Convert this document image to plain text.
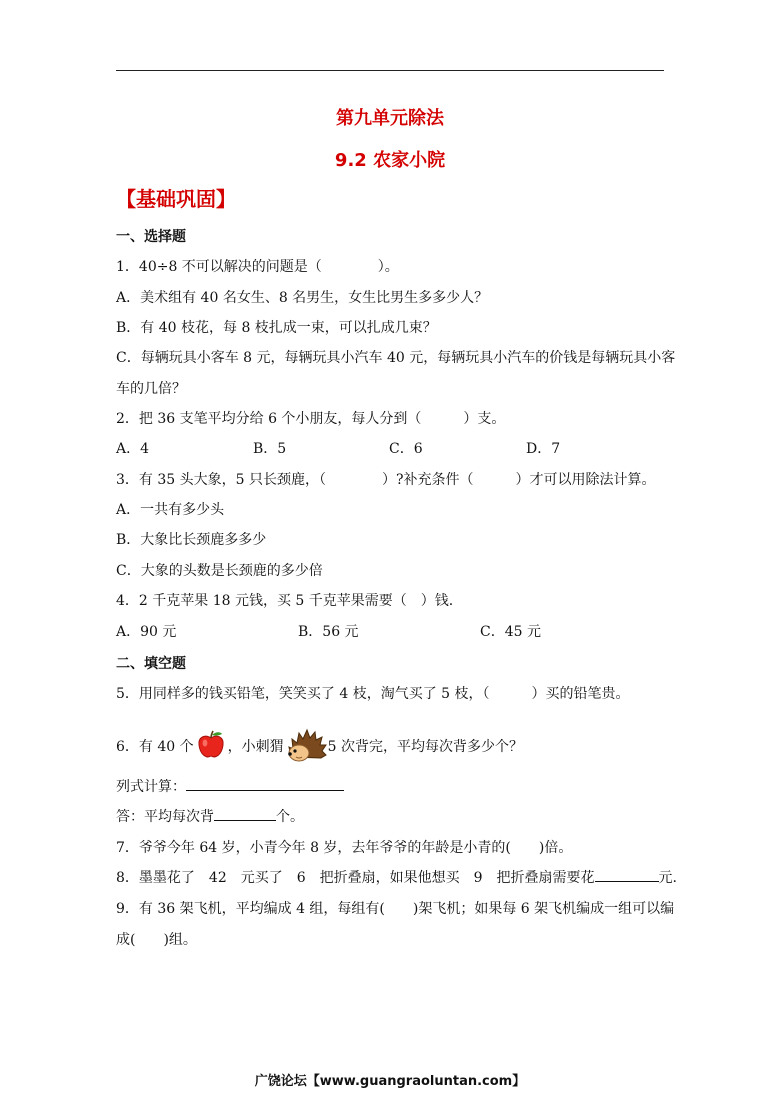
第九单元除法
9.2 农家小院
【基础巩固】
一、选择题
1．40÷8 不可以解决的问题是（　　　　）。
A．美术组有 40 名女生、8 名男生，女生比男生多多少人？
B．有 40 枝花，每 8 枝扎成一束，可以扎成几束？
C．每辆玩具小客车 8 元，每辆玩具小汽车 40 元，每辆玩具小汽车的价钱是每辆玩具小客
车的几倍？
2．把 36 支笔平均分给 6 个小朋友，每人分到（　　　）支。
A．4	B．5	C．6	D．7
3．有 35 头大象，5 只长颈鹿，（　　　　）?补充条件（　　　）才可以用除法计算。
A．一共有多少头
B．大象比长颈鹿多多少
C．大象的头数是长颈鹿的多少倍
4．2 千克苹果 18 元钱，买 5 千克苹果需要（　）钱.
A．90 元	B．56 元	C．45 元
二、填空题
5．用同样多的钱买铅笔，笑笑买了 4 枝，淘气买了 5 枝，（　　　）买的铅笔贵。
6．有 40 个 ，小刺猬	5 次背完，平均每次背多少个？
列式计算：
答：平均每次背	个。
7．爷爷今年 64 岁，小青今年 8 岁，去年爷爷的年龄是小青的(　　)倍。
8．墨墨花了　42　元买了　6　把折叠扇，如果他想买　9　把折叠扇需要花	元.
9．有 36 架飞机，平均编成 4 组，每组有(　　)架飞机；如果每 6 架飞机编成一组可以编
成(　　)组。
广饶论坛【www.guangraoluntan.com】
